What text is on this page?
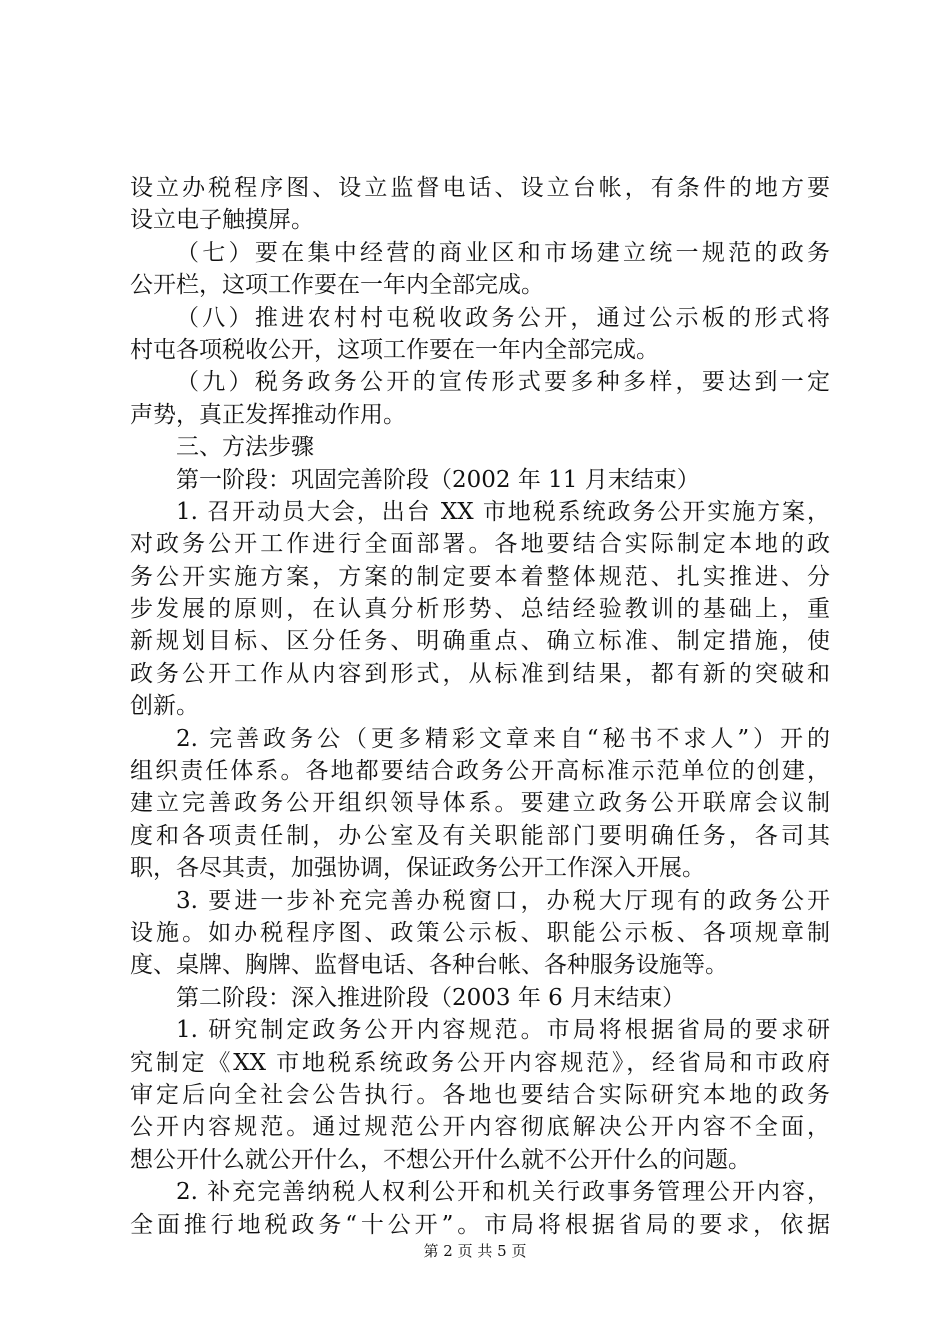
设立办税程序图、设立监督电话、设立台帐，有条件的地方要
设立电子触摸屏。
（七）要在集中经营的商业区和市场建立统一规范的政务
公开栏，这项工作要在一年内全部完成。
（八）推进农村村屯税收政务公开，通过公示板的形式将
村屯各项税收公开，这项工作要在一年内全部完成。
（九）税务政务公开的宣传形式要多种多样，要达到一定
声势，真正发挥推动作用。
三、方法步骤
第一阶段：巩固完善阶段（2002 年 11 月末结束）
1. 召开动员大会，出台 XX 市地税系统政务公开实施方案，
对政务公开工作进行全面部署。各地要结合实际制定本地的政
务公开实施方案，方案的制定要本着整体规范、扎实推进、分
步发展的原则，在认真分析形势、总结经验教训的基础上，重
新规划目标、区分任务、明确重点、确立标准、制定措施，使
政务公开工作从内容到形式，从标准到结果，都有新的突破和
创新。
2. 完善政务公（更多精彩文章来自“秘书不求人”）开的
组织责任体系。各地都要结合政务公开高标准示范单位的创建，
建立完善政务公开组织领导体系。要建立政务公开联席会议制
度和各项责任制，办公室及有关职能部门要明确任务，各司其
职，各尽其责，加强协调，保证政务公开工作深入开展。
3. 要进一步补充完善办税窗口，办税大厅现有的政务公开
设施。如办税程序图、政策公示板、职能公示板、各项规章制
度、桌牌、胸牌、监督电话、各种台帐、各种服务设施等。
第二阶段：深入推进阶段（2003 年 6 月末结束）
1. 研究制定政务公开内容规范。市局将根据省局的要求研
究制定《XX 市地税系统政务公开内容规范》，经省局和市政府
审定后向全社会公告执行。各地也要结合实际研究本地的政务
公开内容规范。通过规范公开内容彻底解决公开内容不全面，
想公开什么就公开什么，不想公开什么就不公开什么的问题。
2. 补充完善纳税人权利公开和机关行政事务管理公开内容，
全面推行地税政务“十公开”。市局将根据省局的要求，依据
第 2 页 共 5 页
